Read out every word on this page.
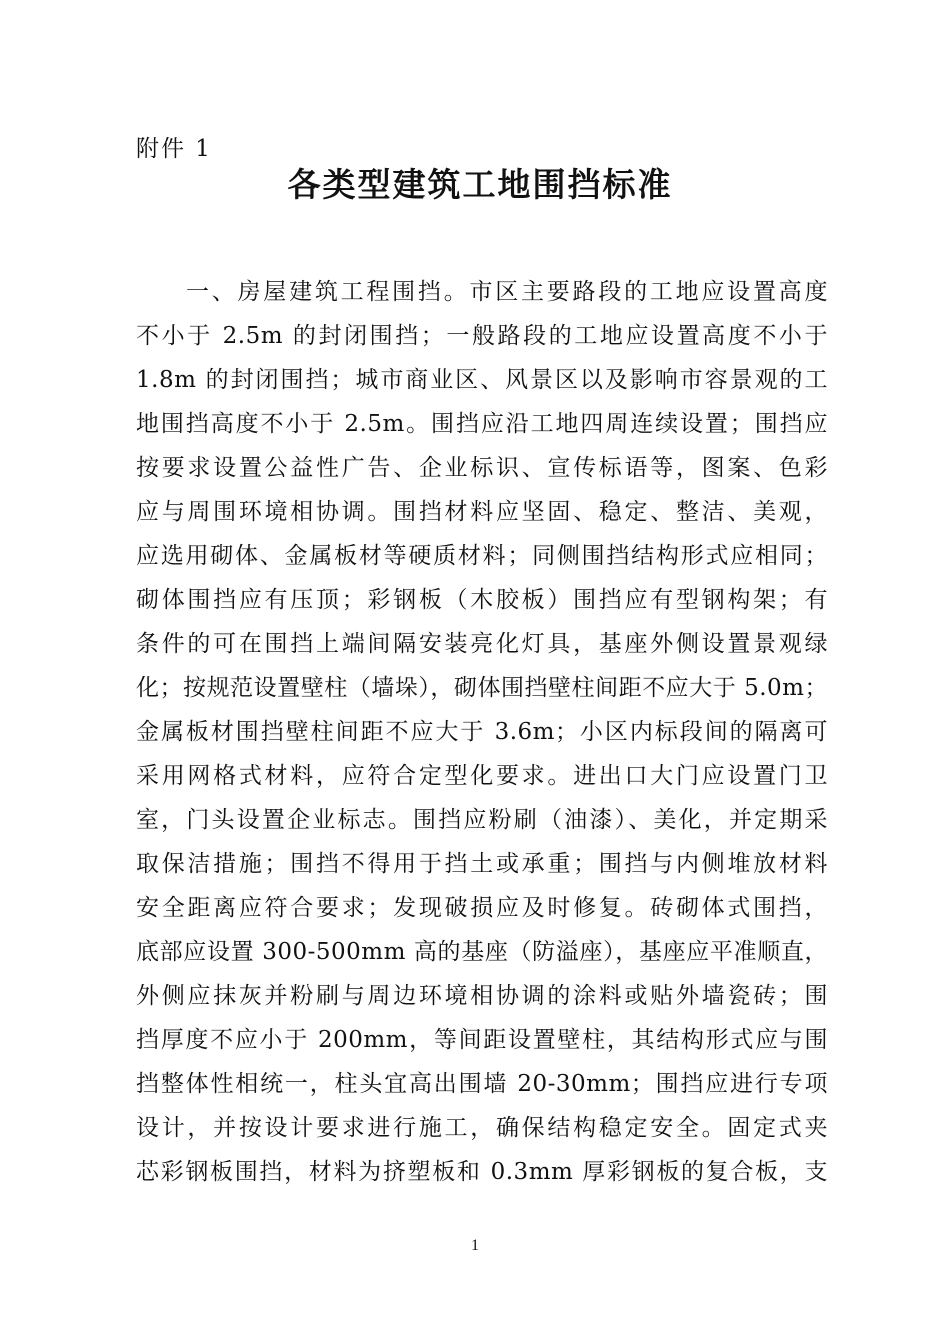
附件 1
各类型建筑工地围挡标准
一、房屋建筑工程围挡。市区主要路段的工地应设置高度
不小于 2.5m 的封闭围挡；一般路段的工地应设置高度不小于
1.8m 的封闭围挡；城市商业区、风景区以及影响市容景观的工
地围挡高度不小于 2.5m。围挡应沿工地四周连续设置；围挡应
按要求设置公益性广告、企业标识、宣传标语等，图案、色彩
应与周围环境相协调。围挡材料应坚固、稳定、整洁、美观，
应选用砌体、金属板材等硬质材料；同侧围挡结构形式应相同；
砌体围挡应有压顶；彩钢板（木胶板）围挡应有型钢构架；有
条件的可在围挡上端间隔安装亮化灯具，基座外侧设置景观绿
化；按规范设置壁柱（墙垛），砌体围挡壁柱间距不应大于 5.0m；
金属板材围挡壁柱间距不应大于 3.6m；小区内标段间的隔离可
采用网格式材料，应符合定型化要求。进出口大门应设置门卫
室，门头设置企业标志。围挡应粉刷（油漆）、美化，并定期采
取保洁措施；围挡不得用于挡土或承重；围挡与内侧堆放材料
安全距离应符合要求；发现破损应及时修复。砖砌体式围挡，
底部应设置 300-500mm 高的基座（防溢座），基座应平准顺直，
外侧应抹灰并粉刷与周边环境相协调的涂料或贴外墙瓷砖；围
挡厚度不应小于 200mm，等间距设置壁柱，其结构形式应与围
挡整体性相统一，柱头宜高出围墙 20-30mm；围挡应进行专项
设计，并按设计要求进行施工，确保结构稳定安全。固定式夹
芯彩钢板围挡，材料为挤塑板和 0.3mm 厚彩钢板的复合板，支
1
